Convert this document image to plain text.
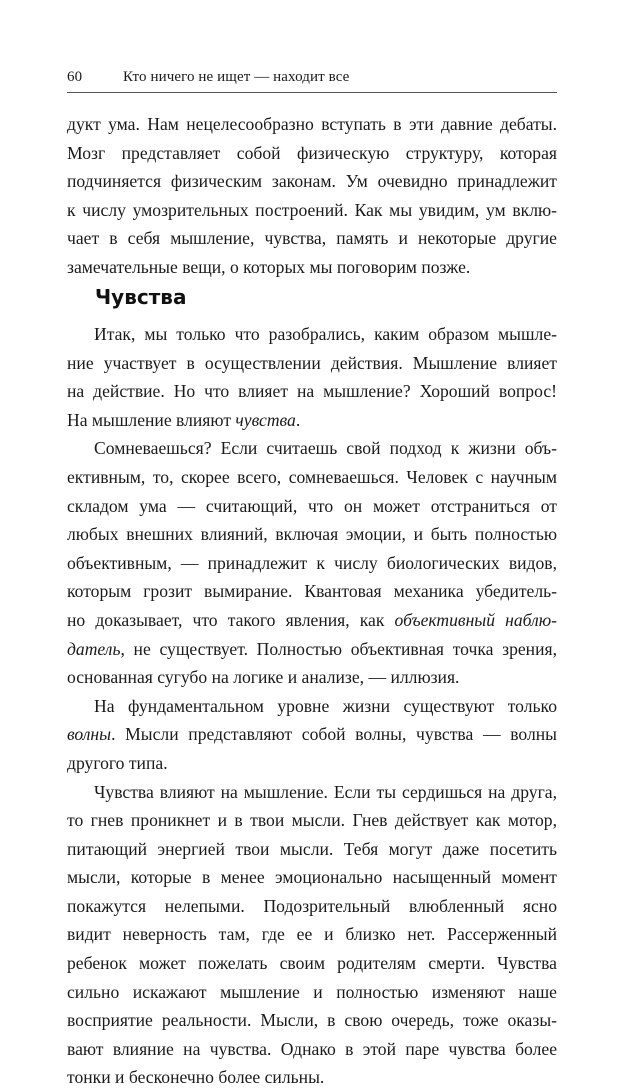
60	Кто ничего не ищет — находит все
дукт ума. Нам нецелесообразно вступать в эти давние дебаты.
Мозг представляет собой физическую структуру, которая
подчиняется физическим законам. Ум очевидно принадлежит
к числу умозрительных построений. Как мы увидим, ум вклю-
чает в себя мышление, чувства, память и некоторые другие
замечательные вещи, о которых мы поговорим позже.
Чувства
Итак, мы только что разобрались, каким образом мышле-
ние участвует в осуществлении действия. Мышление влияет
на действие. Но что влияет на мышление? Хороший вопрос!
На мышление влияют чувства.
Сомневаешься? Если считаешь свой подход к жизни объ-
ективным, то, скорее всего, сомневаешься. Человек с научным
складом ума — считающий, что он может отстраниться от
любых внешних влияний, включая эмоции, и быть полностью
объективным, — принадлежит к числу биологических видов,
которым грозит вымирание. Квантовая механика убедитель-
но доказывает, что такого явления, как объективный наблю-
датель, не существует. Полностью объективная точка зрения,
основанная сугубо на логике и анализе, — иллюзия.
На фундаментальном уровне жизни существуют только
волны. Мысли представляют собой волны, чувства — волны
другого типа.
Чувства влияют на мышление. Если ты сердишься на друга,
то гнев проникнет и в твои мысли. Гнев действует как мотор,
питающий энергией твои мысли. Тебя могут даже посетить
мысли, которые в менее эмоционально насыщенный момент
покажутся нелепыми. Подозрительный влюбленный ясно
видит неверность там, где ее и близко нет. Рассерженный
ребенок может пожелать своим родителям смерти. Чувства
сильно искажают мышление и полностью изменяют наше
восприятие реальности. Мысли, в свою очередь, тоже оказы-
вают влияние на чувства. Однако в этой паре чувства более
тонки и бесконечно более сильны.
